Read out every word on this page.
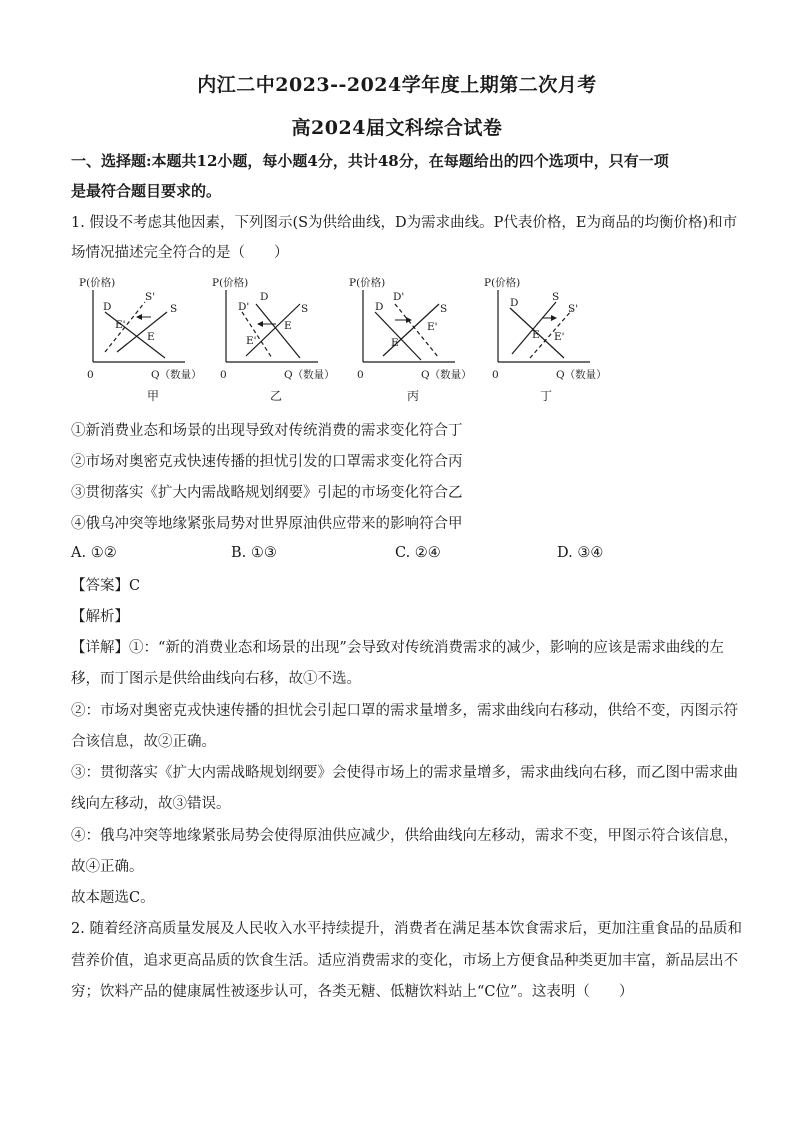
内江二中2023--2024学年度上期第二次月考
高2024届文科综合试卷
一、选择题:本题共12小题，每小题4分，共计48分，在每题给出的四个选项中，只有一项
是最符合题目要求的。
1. 假设不考虑其他因素，下列图示(S为供给曲线，D为需求曲线。P代表价格，E为商品的均衡价格)和市
场情况描述完全符合的是（　　）
P(价格)
D
S'
S
E'
E
0	Q（数量）
甲
P(价格)
D
D'	S
E
E'
0	Q（数量）
乙
P(价格)
D'
D	S
E'
E
0	Q（数量）
丙
P(价格)
D	S
S'
E E'
0	Q（数量）
丁
①新消费业态和场景的出现导致对传统消费的需求变化符合丁
②市场对奥密克戎快速传播的担忧引发的口罩需求变化符合丙
③贯彻落实《扩大内需战略规划纲要》引起的市场变化符合乙
④俄乌冲突等地缘紧张局势对世界原油供应带来的影响符合甲
A. ①②	B. ①③	C. ②④	D. ③④
【答案】C
【解析】
【详解】①：“新的消费业态和场景的出现”会导致对传统消费需求的减少，影响的应该是需求曲线的左
移，而丁图示是供给曲线向右移，故①不选。
②：市场对奥密克戎快速传播的担忧会引起口罩的需求量增多，需求曲线向右移动，供给不变，丙图示符
合该信息，故②正确。
③：贯彻落实《扩大内需战略规划纲要》会使得市场上的需求量增多，需求曲线向右移，而乙图中需求曲
线向左移动，故③错误。
④：俄乌冲突等地缘紧张局势会使得原油供应减少，供给曲线向左移动，需求不变，甲图示符合该信息，
故④正确。
故本题选C。
2. 随着经济高质量发展及人民收入水平持续提升，消费者在满足基本饮食需求后，更加注重食品的品质和
营养价值，追求更高品质的饮食生活。适应消费需求的变化，市场上方便食品种类更加丰富，新品层出不
穷；饮料产品的健康属性被逐步认可，各类无糖、低糖饮料站上“C位”。这表明（　　）
